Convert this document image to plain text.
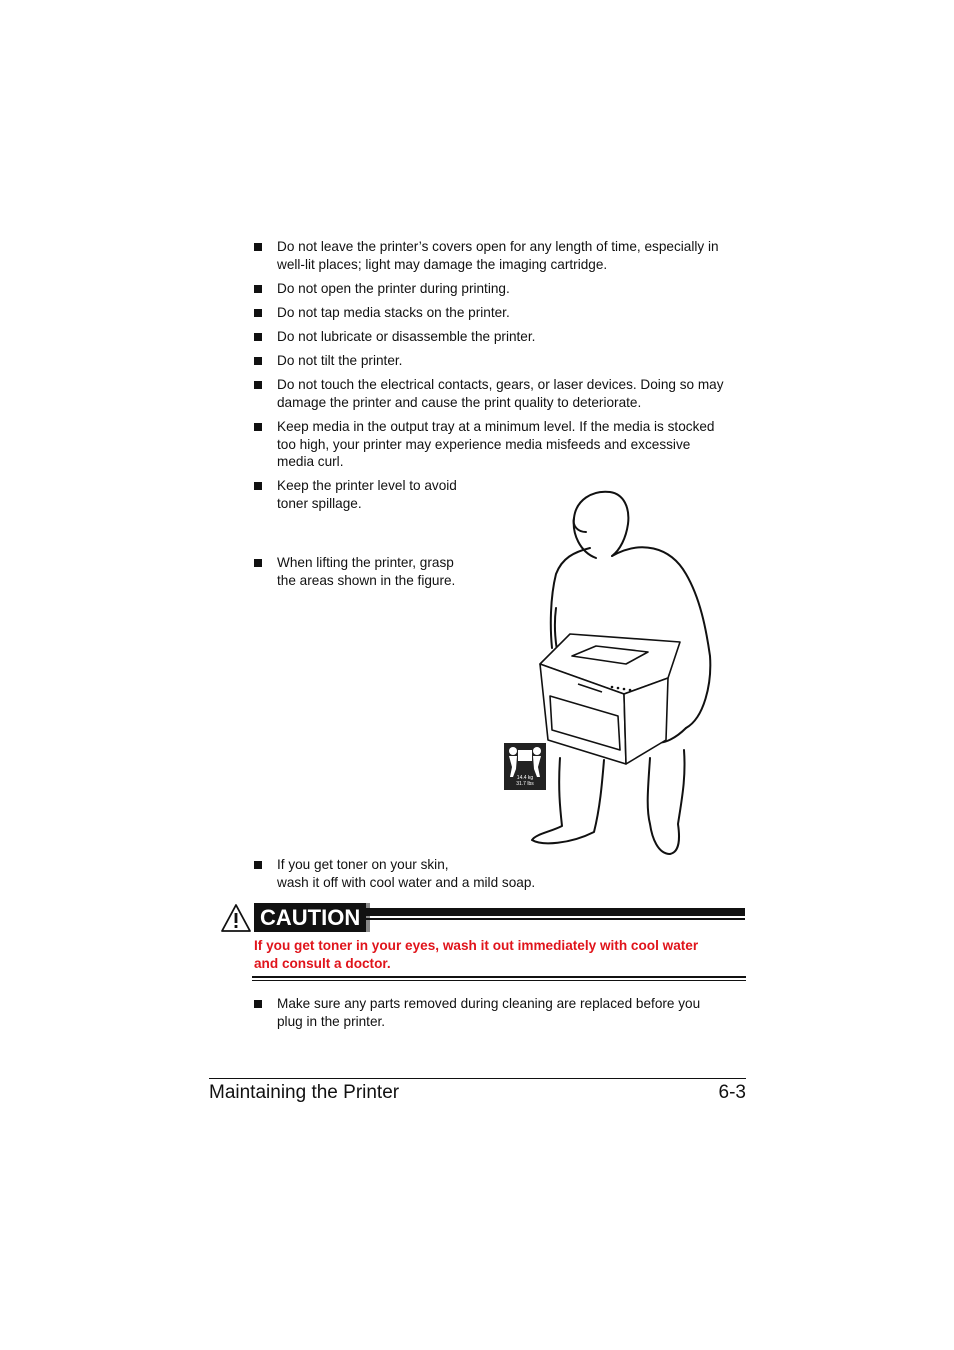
Do not leave the printer’s covers open for any length of time, especially in
well-lit places; light may damage the imaging cartridge.
Do not open the printer during printing.
Do not tap media stacks on the printer.
Do not lubricate or disassemble the printer.
Do not tilt the printer.
Do not touch the electrical contacts, gears, or laser devices. Doing so may
damage the printer and cause the print quality to deteriorate.
Keep media in the output tray at a minimum level. If the media is stocked
too high, your printer may experience media misfeeds and excessive
media curl.
Keep the printer level to avoid
toner spillage.
When lifting the printer, grasp
the areas shown in the figure.
14.4 kg
31.7 lbs
If you get toner on your skin,
wash it off with cool water and a mild soap.
CAUTION
If you get toner in your eyes, wash it out immediately with cool water
and consult a doctor.
Make sure any parts removed during cleaning are replaced before you
plug in the printer.
Maintaining the Printer	6-3
